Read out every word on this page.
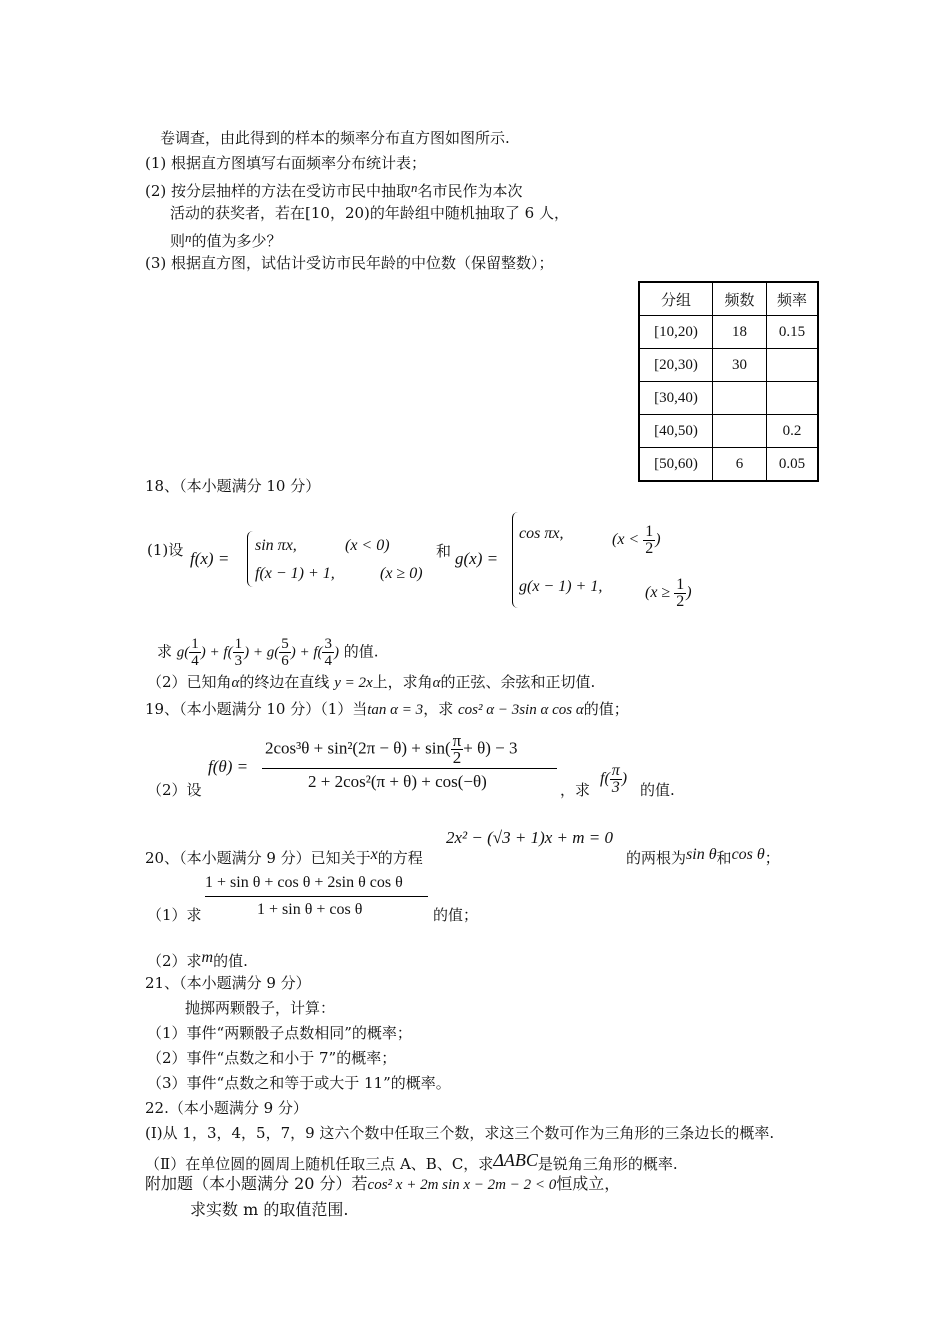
卷调查，由此得到的样本的频率分布直方图如图所示.
(1) 根据直方图填写右面频率分布统计表；
(2) 按分层抽样的方法在受访市民中抽取n名市民作为本次
活动的获奖者，若在[10，20)的年龄组中随机抽取了 6 人，
则n的值为多少？
(3) 根据直方图，试估计受访市民年龄的中位数（保留整数）；
分组	频数	频率
[10,20)	18	0.15
[20,30)	30	
[30,40)		
[40,50)		0.2
[50,60)	6	0.05
18、（本小题满分 10 分）
(1)设 f(x) =
sin πx,	(x < 0)
f(x − 1) + 1,	(x ≥ 0)
和 g(x) =
cos πx,	($x < \frac{1}{2}$ )
g(x − 1) + 1,	($x \ge \frac{1}{2}$ )
求 $g( \frac{1}{4}$ ) + $f( \frac{1}{3}$ ) + $g( \frac{5}{6}$ ) + $f( \frac{3}{4}$ ) 的值.
（2）已知角α的终边在直线 y = 2x上，求角α的正弦、余弦和正切值.
19、（本小题满分 10 分）（1）当tan α = 3，求 cos² α − 3sin α cos α的值；
f(θ) =
$2\cos^3\theta + \sin^2(2\pi - \theta) + \sin( \frac{\pi}{2} + \theta) - 3$
2 + 2cos²(π + θ) + cos(−θ)
（2）设	，求
$f( \frac{\pi}{3}$ )
的值.
20、（本小题满分 9 分）已知关于x的方程
2x² − (√3 + 1)x + m = 0
的两根为sin θ和cos θ；
1 + sin θ + cos θ + 2sin θ cos θ
1 + sin θ + cos θ
（1）求	的值；
（2）求m的值.
21、（本小题满分 9 分）
抛掷两颗骰子，计算：
（1）事件“两颗骰子点数相同”的概率；
（2）事件“点数之和小于 7”的概率；
（3）事件“点数之和等于或大于 11”的概率。
22.（本小题满分 9 分）
(I)从 1，3，4，5，7，9 这六个数中任取三个数，求这三个数可作为三角形的三条边长的概率.
（Ⅱ）在单位圆的圆周上随机任取三点 A、B、C，求ΔABC是锐角三角形的概率.
附加题（本小题满分 20 分）若cos² x + 2m sin x − 2m − 2 < 0恒成立，
求实数 m 的取值范围.
